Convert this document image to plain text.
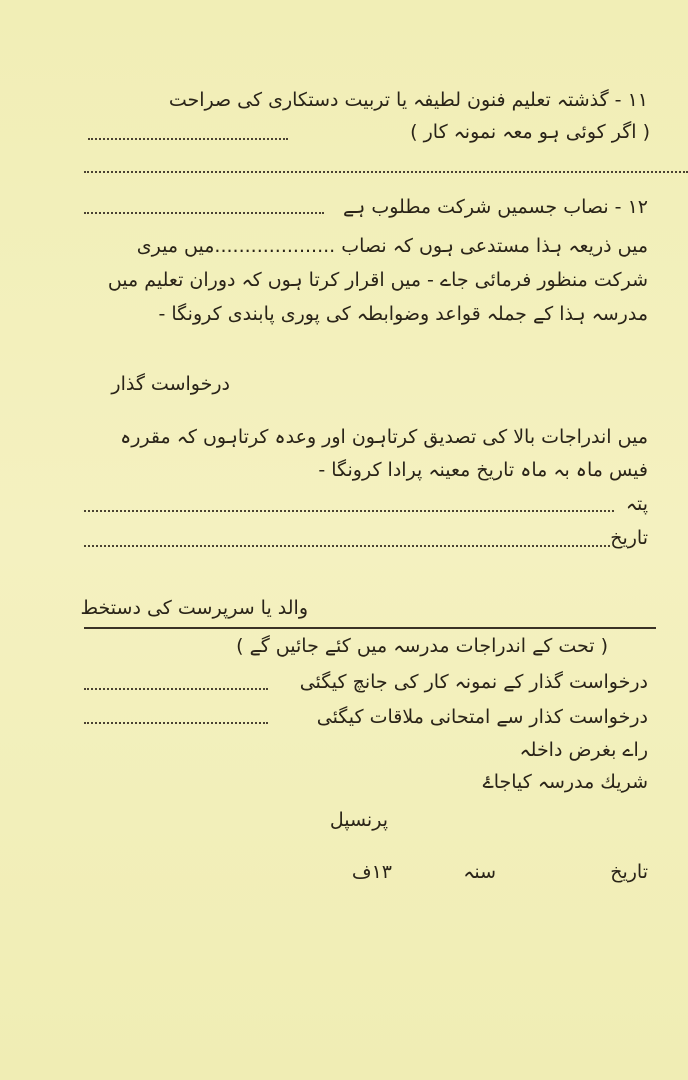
۱۱ - گذشتہ تعلیم فنون لطیفہ یا تربیت دستکاری کی صراحت
( اگر کوئی ہو معہ نمونہ کار )
۱۲ - نصاب جسمیں شرکت مطلوب ہے
میں ذریعہ ہذا مستدعی ہوں کہ نصاب ....................میں میری
شرکت منظور فرمائی جاے - میں اقرار کرتا ہوں کہ دوران تعلیم میں
مدرسہ ہذا کے جملہ قواعد وضوابطہ کی پوری پابندی کرونگا -
درخواست گذار
میں اندراجات بالا کی تصدیق کرتاہون اور وعدہ کرتاہوں کہ مقررہ
فیس ماہ بہ ماہ تاریخ معینہ پرادا کرونگا -
پتہ
تاریخ
والد یا سرپرست کی دستخط
( تحت کے اندراجات مدرسہ میں کئے جائیں گے )
درخواست گذار کے نمونہ کار کی جانچ کیگئی
درخواست کذار سے امتحانی ملاقات کیگئی
راے بغرض داخلہ
شریك مدرسہ کیاجاۓ
پرنسپل
تاریخ
سنہ
۱۳ف
